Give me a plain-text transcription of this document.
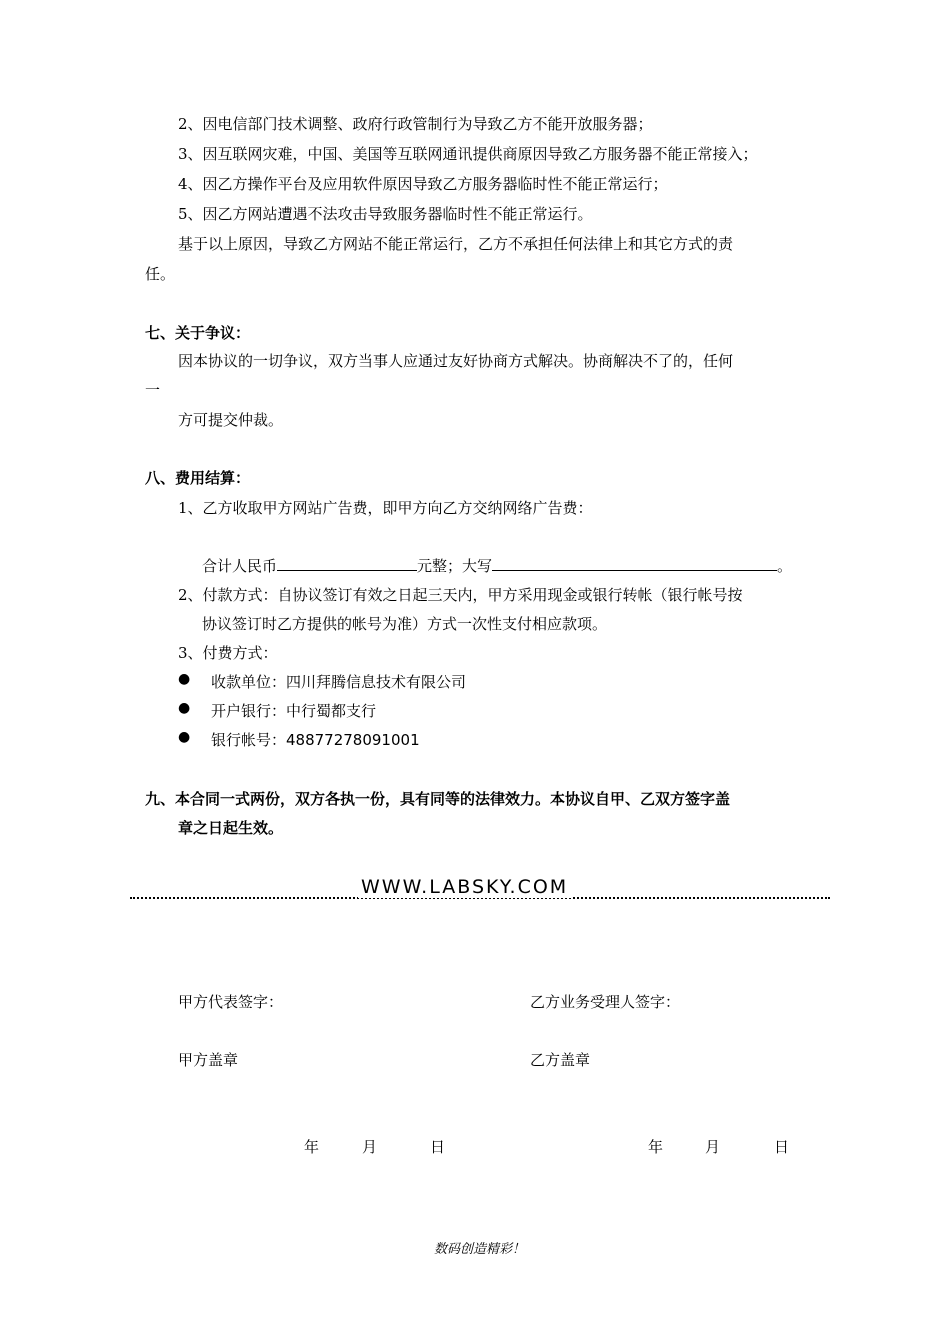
2、因电信部门技术调整、政府行政管制行为导致乙方不能开放服务器；
3、因互联网灾难，中国、美国等互联网通讯提供商原因导致乙方服务器不能正常接入；
4、因乙方操作平台及应用软件原因导致乙方服务器临时性不能正常运行；
5、因乙方网站遭遇不法攻击导致服务器临时性不能正常运行。
基于以上原因，导致乙方网站不能正常运行，乙方不承担任何法律上和其它方式的责
任。
七、关于争议：
因本协议的一切争议，双方当事人应通过友好协商方式解决。协商解决不了的，任何
一
方可提交仲裁。
八、费用结算：
1、乙方收取甲方网站广告费，即甲方向乙方交纳网络广告费：
合计人民币	元整；大写	。
2、付款方式：自协议签订有效之日起三天内，甲方采用现金或银行转帐（银行帐号按
协议签订时乙方提供的帐号为准）方式一次性支付相应款项。
3、付费方式：
● 收款单位：四川拜腾信息技术有限公司
● 开户银行：中行蜀都支行
● 银行帐号：48877278091001
九、本合同一式两份，双方各执一份，具有同等的法律效力。本协议自甲、乙双方签字盖
章之日起生效。
WWW.LABSKY.COM
甲方代表签字：	乙方业务受理人签字：
甲方盖章	乙方盖章
年	月	日	年	月	日
数码创造精彩！
